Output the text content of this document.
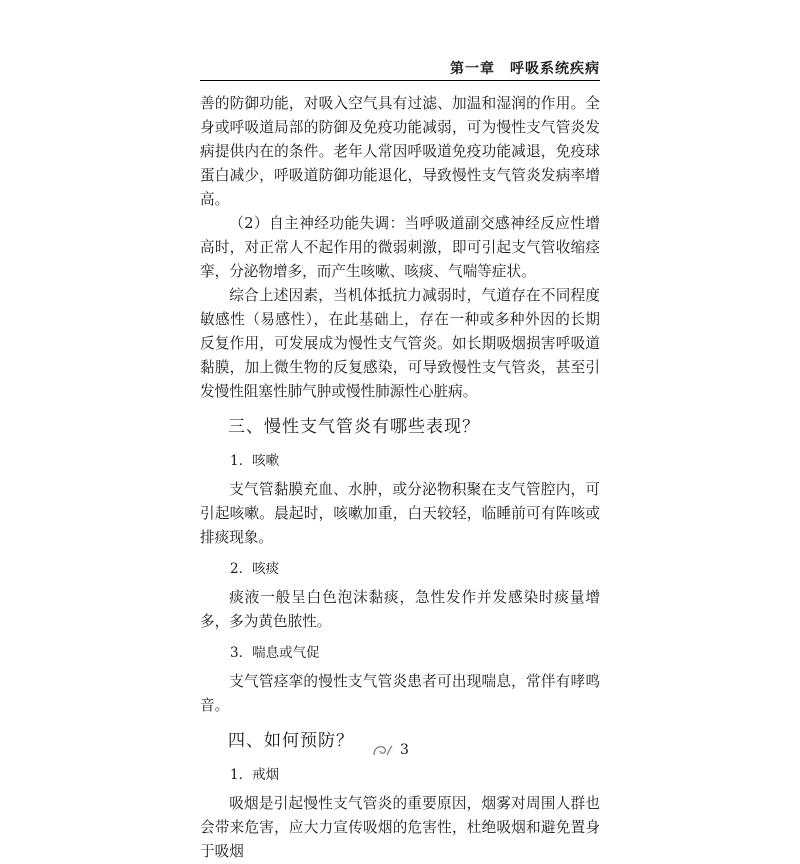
第一章　呼吸系统疾病

善的防御功能，对吸入空气具有过滤、加温和湿润的作用。全身或呼吸道局部的防御及免疫功能减弱，可为慢性支气管炎发病提供内在的条件。老年人常因呼吸道免疫功能减退，免疫球蛋白减少，呼吸道防御功能退化，导致慢性支气管炎发病率增高。

（2）自主神经功能失调：当呼吸道副交感神经反应性增高时，对正常人不起作用的微弱刺激，即可引起支气管收缩痉挛，分泌物增多，而产生咳嗽、咳痰、气喘等症状。

综合上述因素，当机体抵抗力减弱时，气道存在不同程度敏感性（易感性），在此基础上，存在一种或多种外因的长期反复作用，可发展成为慢性支气管炎。如长期吸烟损害呼吸道黏膜，加上微生物的反复感染，可导致慢性支气管炎，甚至引发慢性阻塞性肺气肿或慢性肺源性心脏病。

三、慢性支气管炎有哪些表现？
1．咳嗽

支气管黏膜充血、水肿，或分泌物积聚在支气管腔内，可引起咳嗽。晨起时，咳嗽加重，白天较轻，临睡前可有阵咳或排痰现象。

2．咳痰

痰液一般呈白色泡沫黏痰，急性发作并发感染时痰量增多，多为黄色脓性。

3．喘息或气促

支气管痉挛的慢性支气管炎患者可出现喘息，常伴有哮鸣音。

四、如何预防？
1．戒烟

吸烟是引起慢性支气管炎的重要原因，烟雾对周围人群也会带来危害，应大力宣传吸烟的危害性，杜绝吸烟和避免置身于吸烟

3
